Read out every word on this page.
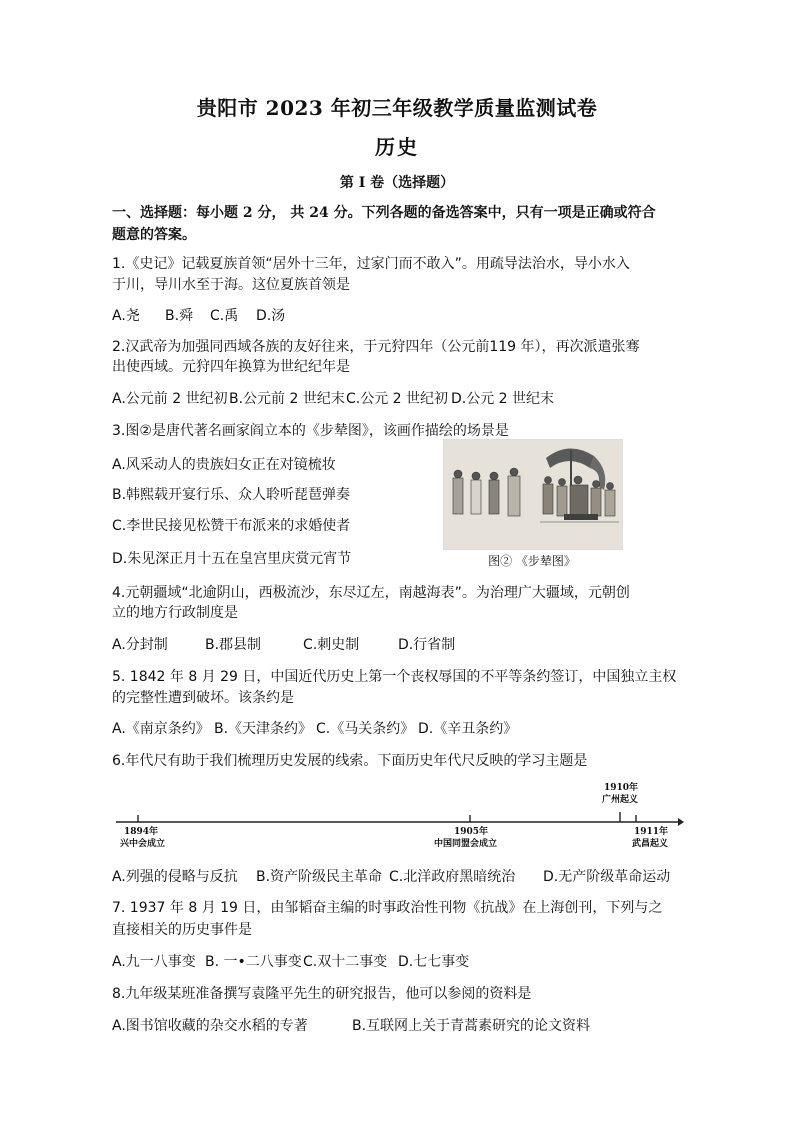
贵阳市 2023 年初三年级教学质量监测试卷
历史
第 I 卷（选择题）
一、选择题：每小题 2 分， 共 24 分。下列各题的备选答案中，只有一项是正确或符合
题意的答案。
1.《史记》记载夏族首领“居外十三年，过家门而不敢入”。用疏导法治水，导小水入
于川，导川水至于海。这位夏族首领是
A.尧 B.舜 C.禹 D.汤
2.汉武帝为加强同西域各族的友好往来，于元狩四年（公元前119 年），再次派遣张骞
出使西域。元狩四年换算为世纪纪年是
A.公元前 2 世纪初 B.公元前 2 世纪末 C.公元 2 世纪初 D.公元 2 世纪末
3.图②是唐代著名画家阎立本的《步辇图》，该画作描绘的场景是
A.风采动人的贵族妇女正在对镜梳妆
B.韩熙载开宴行乐、众人聆听琵琶弹奏
C.李世民接见松赞干布派来的求婚使者
D.朱见深正月十五在皇宫里庆赏元宵节	图② 《步辇图》
4.元朝疆域“北逾阴山，西极流沙，东尽辽左，南越海表”。为治理广大疆域，元朝创
立的地方行政制度是
A.分封制	B.郡县制	C.刺史制	D.行省制
5. 1842 年 8 月 29 日，中国近代历史上第一个丧权辱国的不平等条约签订，中国独立主权
的完整性遭到破坏。该条约是
A.《南京条约》 B.《天津条约》 C.《马关条约》 D.《辛丑条约》
6.年代尺有助于我们梳理历史发展的线索。下面历史年代尺反映的学习主题是
1894年
兴中会成立
1905年
中国同盟会成立
1910年
广州起义
1911年
武昌起义
A.列强的侵略与反抗 B.资产阶级民主革命 C.北洋政府黑暗统治 D.无产阶级革命运动
7. 1937 年 8 月 19 日，由邹韬奋主编的时事政治性刊物《抗战》在上海创刊，下列与之
直接相关的历史事件是
A.九一八事变 B. 一•二八事变 C.双十二事变 D.七七事变
8.九年级某班准备撰写袁隆平先生的研究报告，他可以参阅的资料是
A.图书馆收藏的杂交水稻的专著	B.互联网上关于青蒿素研究的论文资料
